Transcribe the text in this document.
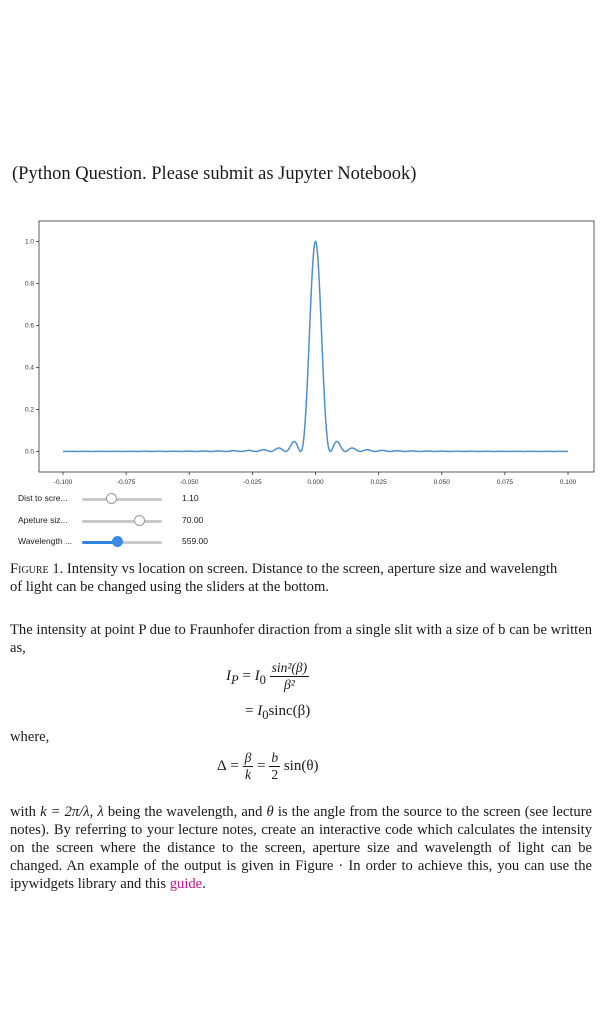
(Python Question. Please submit as Jupyter Notebook)
-0.100	-0.075	-0.050	-0.025	0.000	0.025	0.050	0.075	0.100
0.0
0.2
0.4
0.6
0.8
1.0
Dist to scre...	1.10
Apeture siz...	70.00
Wavelength ...	559.00
Figure 1. Intensity vs location on screen. Distance to the screen, aperture size and wavelength of light can be changed using the sliders at the bottom.
The intensity at point P due to Fraunhofer diraction from a single slit with a size of b can be written as,
$I_P = I_0 \frac{\text{sin²(β)}}{\text{β²}}$
= $I_0\sin c(\beta)$
where,
$\Delta = \frac{\beta}{k} = \frac{b}{2} \sin(\theta)$
with k = 2π/λ, λ being the wavelength, and θ is the angle from the source to the screen (see lecture notes). By referring to your lecture notes, create an interactive code which calculates the intensity on the screen where the distance to the screen, aperture size and wavelength of light can be changed. An example of the output is given in Figure · In order to achieve this, you can use the ipywidgets library and this guide.
